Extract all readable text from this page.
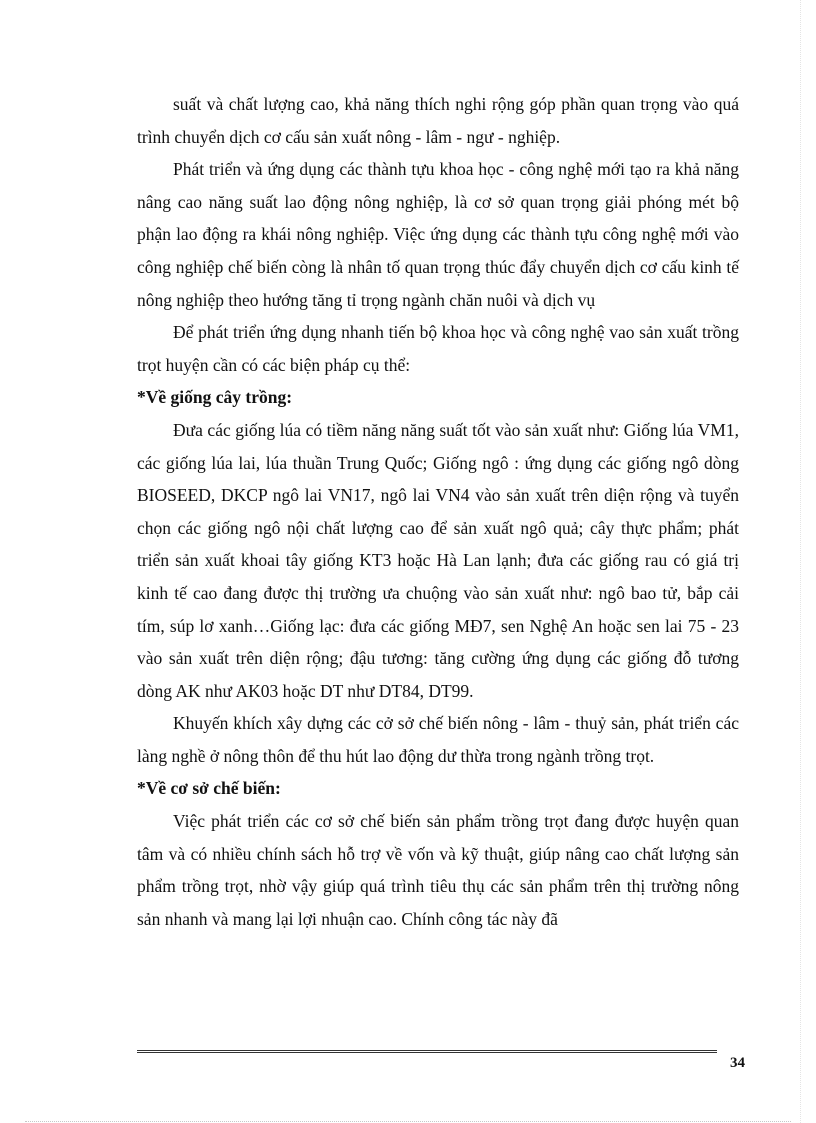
suất và chất lượng cao, khả năng thích nghi rộng góp phần quan trọng vào quá trình chuyển dịch cơ cấu sản xuất nông - lâm - ngư - nghiệp.

Phát triển và ứng dụng các thành tựu khoa học - công nghệ mới tạo ra khả năng nâng cao năng suất lao động nông nghiệp, là cơ sở quan trọng giải phóng mét bộ phận lao động ra khái nông nghiệp. Việc ứng dụng các thành tựu công nghệ mới vào công nghiệp chế biến còng là nhân tố quan trọng thúc đẩy chuyển dịch cơ cấu kinh tế nông nghiệp theo hướng tăng tỉ trọng ngành chăn nuôi và dịch vụ

Để phát triển ứng dụng nhanh tiến bộ khoa học và công nghệ vao sản xuất trồng trọt huyện cần có các biện pháp cụ thể:

*Về giống cây trồng:

Đưa các giống lúa có tiềm năng năng suất tốt vào sản xuất như: Giống lúa VM1, các giống lúa lai, lúa thuần Trung Quốc; Giống ngô : ứng dụng các giống ngô dòng BIOSEED, DKCP ngô lai VN17, ngô lai VN4 vào sản xuất trên diện rộng và tuyển chọn các giống ngô nội chất lượng cao để sản xuất ngô quả; cây thực phẩm; phát triển sản xuất khoai tây giống KT3 hoặc Hà Lan lạnh; đưa các giống rau có giá trị kinh tế cao đang được thị trường ưa chuộng vào sản xuất như: ngô bao tử, bắp cải tím, súp lơ xanh…Giống lạc: đưa các giống MĐ7, sen Nghệ An hoặc sen lai 75 - 23 vào sản xuất trên diện rộng; đậu tương: tăng cường ứng dụng các giống đỗ tương dòng AK như AK03 hoặc DT như DT84, DT99.

Khuyến khích xây dựng các cở sở chế biến nông - lâm - thuỷ sản, phát triển các làng nghề ở nông thôn để thu hút lao động dư thừa trong ngành trồng trọt.

*Về cơ sở chế biến:

Việc phát triển các cơ sở chế biến sản phẩm trồng trọt đang được huyện quan tâm và có nhiều chính sách hỗ trợ về vốn và kỹ thuật, giúp nâng cao chất lượng sản phẩm trồng trọt, nhờ vậy giúp quá trình tiêu thụ các sản phẩm trên thị trường nông sản nhanh và mang lại lợi nhuận cao. Chính công tác này đã

34
